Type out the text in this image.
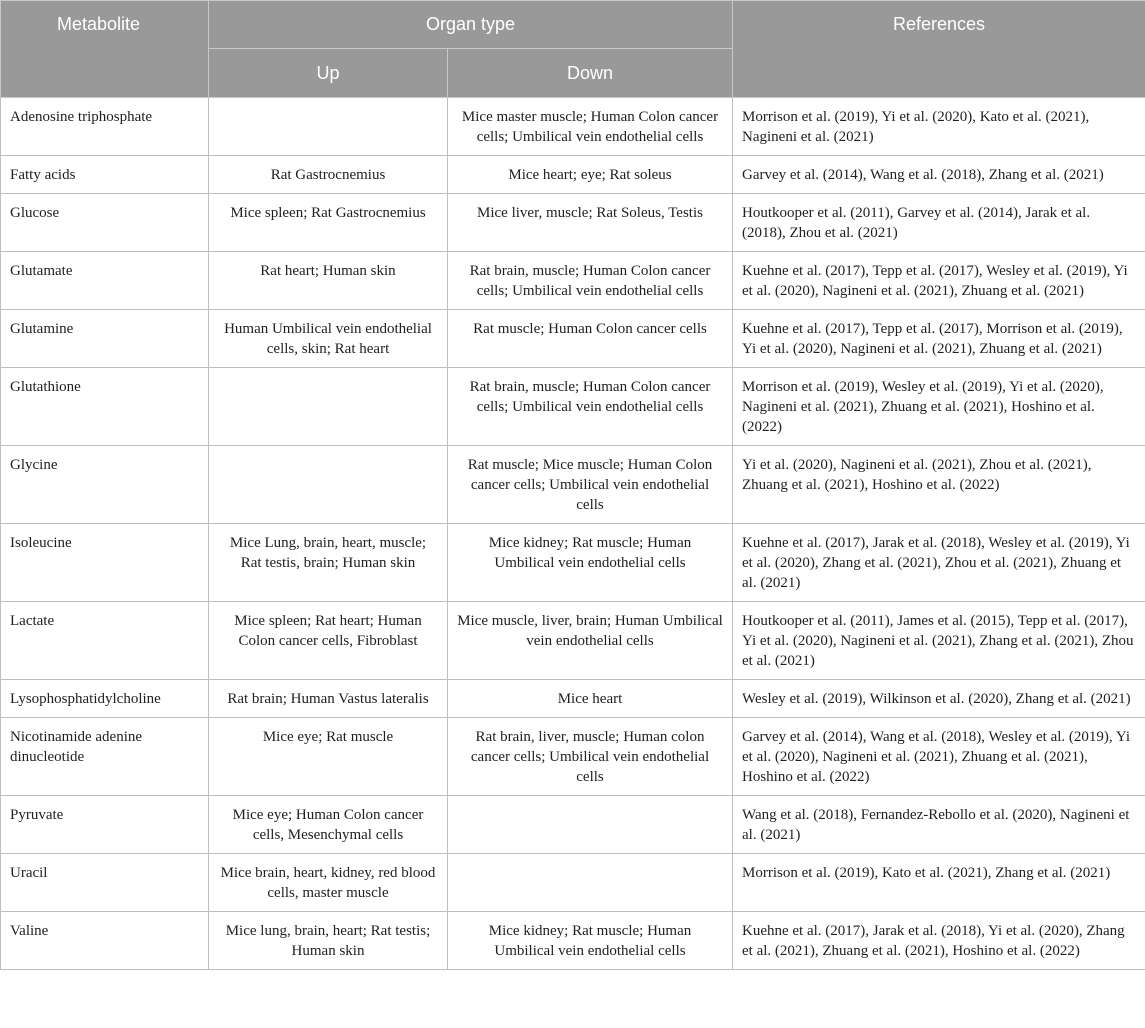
Metabolite	Organ type		References
	Up	Down	
Adenosine triphosphate		Mice master muscle; Human Colon cancer cells; Umbilical vein endothelial cells	Morrison et al. (2019), Yi et al. (2020), Kato et al. (2021), Nagineni et al. (2021)
Fatty acids	Rat Gastrocnemius	Mice heart; eye; Rat soleus	Garvey et al. (2014), Wang et al. (2018), Zhang et al. (2021)
Glucose	Mice spleen; Rat Gastrocnemius	Mice liver, muscle; Rat Soleus, Testis	Houtkooper et al. (2011), Garvey et al. (2014), Jarak et al. (2018), Zhou et al. (2021)
Glutamate	Rat heart; Human skin	Rat brain, muscle; Human Colon cancer cells; Umbilical vein endothelial cells	Kuehne et al. (2017), Tepp et al. (2017), Wesley et al. (2019), Yi et al. (2020), Nagineni et al. (2021), Zhuang et al. (2021)
Glutamine	Human Umbilical vein endothelial cells, skin; Rat heart	Rat muscle; Human Colon cancer cells	Kuehne et al. (2017), Tepp et al. (2017), Morrison et al. (2019), Yi et al. (2020), Nagineni et al. (2021), Zhuang et al. (2021)
Glutathione		Rat brain, muscle; Human Colon cancer cells; Umbilical vein endothelial cells	Morrison et al. (2019), Wesley et al. (2019), Yi et al. (2020), Nagineni et al. (2021), Zhuang et al. (2021), Hoshino et al. (2022)
Glycine		Rat muscle; Mice muscle; Human Colon cancer cells; Umbilical vein endothelial cells	Yi et al. (2020), Nagineni et al. (2021), Zhou et al. (2021), Zhuang et al. (2021), Hoshino et al. (2022)
Isoleucine	Mice Lung, brain, heart, muscle; Rat testis, brain; Human skin	Mice kidney; Rat muscle; Human Umbilical vein endothelial cells	Kuehne et al. (2017), Jarak et al. (2018), Wesley et al. (2019), Yi et al. (2020), Zhang et al. (2021), Zhou et al. (2021), Zhuang et al. (2021)
Lactate	Mice spleen; Rat heart; Human Colon cancer cells, Fibroblast	Mice muscle, liver, brain; Human Umbilical vein endothelial cells	Houtkooper et al. (2011), James et al. (2015), Tepp et al. (2017), Yi et al. (2020), Nagineni et al. (2021), Zhang et al. (2021), Zhou et al. (2021)
Lysophosphatidylcholine	Rat brain; Human Vastus lateralis	Mice heart	Wesley et al. (2019), Wilkinson et al. (2020), Zhang et al. (2021)
Nicotinamide adenine dinucleotide	Mice eye; Rat muscle	Rat brain, liver, muscle; Human colon cancer cells; Umbilical vein endothelial cells	Garvey et al. (2014), Wang et al. (2018), Wesley et al. (2019), Yi et al. (2020), Nagineni et al. (2021), Zhuang et al. (2021), Hoshino et al. (2022)
Pyruvate	Mice eye; Human Colon cancer cells, Mesenchymal cells		Wang et al. (2018), Fernandez-Rebollo et al. (2020), Nagineni et al. (2021)
Uracil	Mice brain, heart, kidney, red blood cells, master muscle		Morrison et al. (2019), Kato et al. (2021), Zhang et al. (2021)
Valine	Mice lung, brain, heart; Rat testis; Human skin	Mice kidney; Rat muscle; Human Umbilical vein endothelial cells	Kuehne et al. (2017), Jarak et al. (2018), Yi et al. (2020), Zhang et al. (2021), Zhuang et al. (2021), Hoshino et al. (2022)
